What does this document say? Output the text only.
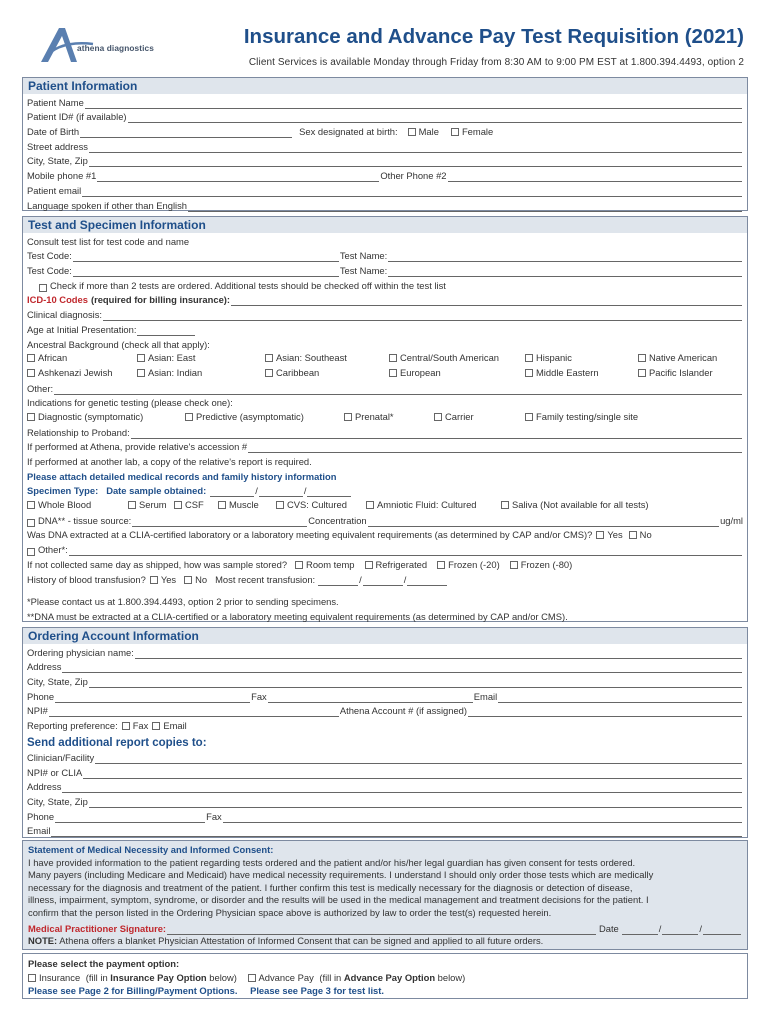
athena diagnostics	Insurance and Advance Pay Test Requisition (2021)
Client Services is available Monday through Friday from 8:30 AM to 9:00 PM EST at 1.800.394.4493, option 2
Patient Information
Patient Name
Patient ID# (if available)
Date of Birth	Sex designated at birth:	Male	Female
Street address
City, State, Zip
Mobile phone #1	Other Phone #2
Patient email
Language spoken if other than English
Test and Specimen Information
Consult test list for test code and name
Test Code:	Test Name:
Test Code:	Test Name:
Check if more than 2 tests are ordered. Additional tests should be checked off within the test list
ICD-10 Codes (required for billing insurance):
Clinical diagnosis:
Age at Initial Presentation:
Ancestral Background (check all that apply):
African	Asian: East	Asian: Southeast	Central/South American	Hispanic	Native American
Ashkenazi Jewish	Asian: Indian	Caribbean	European	Middle Eastern	Pacific Islander
Other:
Indications for genetic testing (please check one):
Diagnostic (symptomatic)	Predictive (asymptomatic)	Prenatal*	Carrier	Family testing/single site
Relationship to Proband:
If performed at Athena, provide relative's accession #
If performed at another lab, a copy of the relative's report is required.
Please attach detailed medical records and family history information
Specimen Type: Date sample obtained:	/	/
Whole Blood	Serum	CSF	Muscle	CVS: Cultured	Amniotic Fluid: Cultured	Saliva (Not available for all tests)
DNA** - tissue source:	Concentration	ug/ml
Was DNA extracted at a CLIA-certified laboratory or a laboratory meeting equivalent requirements (as determined by CAP and/or CMS)?	Yes	No
Other*:
If not collected same day as shipped, how was sample stored?	Room temp	Refrigerated	Frozen (-20)	Frozen (-80)
History of blood transfusion?	Yes	No Most recent transfusion:	/	/
*Please contact us at 1.800.394.4493, option 2 prior to sending specimens.
**DNA must be extracted at a CLIA-certified or a laboratory meeting equivalent requirements (as determined by CAP and/or CMS).
Ordering Account Information
Ordering physician name:
Address
City, State, Zip
Phone	Fax	Email
NPI#	Athena Account # (if assigned)
Reporting preference:	Fax	Email
Send additional report copies to:
Clinician/Facility
NPI# or CLIA
Address
City, State, Zip
Phone	Fax
Email
Statement of Medical Necessity and Informed Consent:
I have provided information to the patient regarding tests ordered and the patient and/or his/her legal guardian has given consent for tests ordered.
Many payers (including Medicare and Medicaid) have medical necessity requirements. I understand I should only order those tests which are medically
necessary for the diagnosis and treatment of the patient. I further confirm this test is medically necessary for the diagnosis or detection of disease,
illness, impairment, symptom, syndrome, or disorder and the results will be used in the medical management and treatment decisions for the patient. I
confirm that the person listed in the Ordering Physician space above is authorized by law to order the test(s) requested herein.
Medical Practitioner Signature:	Date	/	/
NOTE: Athena offers a blanket Physician Attestation of Informed Consent that can be signed and applied to all future orders.
Please select the payment option:
Insurance (fill in Insurance Pay Option below) Advance Pay (fill in Advance Pay Option below)
Please see Page 2 for Billing/Payment Options. Please see Page 3 for test list.
